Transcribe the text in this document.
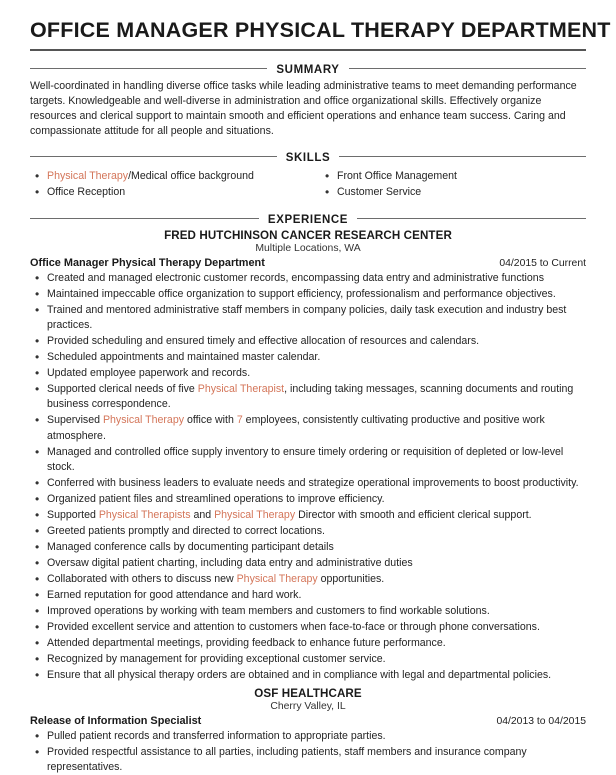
OFFICE MANAGER PHYSICAL THERAPY DEPARTMENT
SUMMARY

Well-coordinated in handling diverse office tasks while leading administrative teams to meet demanding performance targets. Knowledgeable and well-diverse in administration and office organizational skills. Effectively organize resources and clerical support to maintain smooth and efficient operations and enhance team success. Caring and compassionate attitude for all people and situations.

SKILLS
• Physical Therapy/Medical office background
• Office Reception
• Front Office Management
• Customer Service
EXPERIENCE
FRED HUTCHINSON CANCER RESEARCH CENTER
Multiple Locations, WA
Office Manager Physical Therapy Department	04/2015 to Current
• Created and managed electronic customer records, encompassing data entry and administrative functions
• Maintained impeccable office organization to support efficiency, professionalism and performance objectives.
• Trained and mentored administrative staff members in company policies, daily task execution and industry best practices.
• Provided scheduling and ensured timely and effective allocation of resources and calendars.
• Scheduled appointments and maintained master calendar.
• Updated employee paperwork and records.
• Supported clerical needs of five Physical Therapist, including taking messages, scanning documents and routing business correspondence.
• Supervised Physical Therapy office with 7 employees, consistently cultivating productive and positive work atmosphere.
• Managed and controlled office supply inventory to ensure timely ordering or requisition of depleted or low-level stock.
• Conferred with business leaders to evaluate needs and strategize operational improvements to boost productivity.
• Organized patient files and streamlined operations to improve efficiency.
• Supported Physical Therapists and Physical Therapy Director with smooth and efficient clerical support.
• Greeted patients promptly and directed to correct locations.
• Managed conference calls by documenting participant details
• Oversaw digital patient charting, including data entry and administrative duties
• Collaborated with others to discuss new Physical Therapy opportunities.
• Earned reputation for good attendance and hard work.
• Improved operations by working with team members and customers to find workable solutions.
• Provided excellent service and attention to customers when face-to-face or through phone conversations.
• Attended departmental meetings, providing feedback to enhance future performance.
• Recognized by management for providing exceptional customer service.
• Ensure that all physical therapy orders are obtained and in compliance with legal and departmental policies.
OSF HEALTHCARE
Cherry Valley, IL
Release of Information Specialist	04/2013 to 04/2015
• Pulled patient records and transferred information to appropriate parties.
• Provided respectful assistance to all parties, including patients, staff members and insurance company representatives.
